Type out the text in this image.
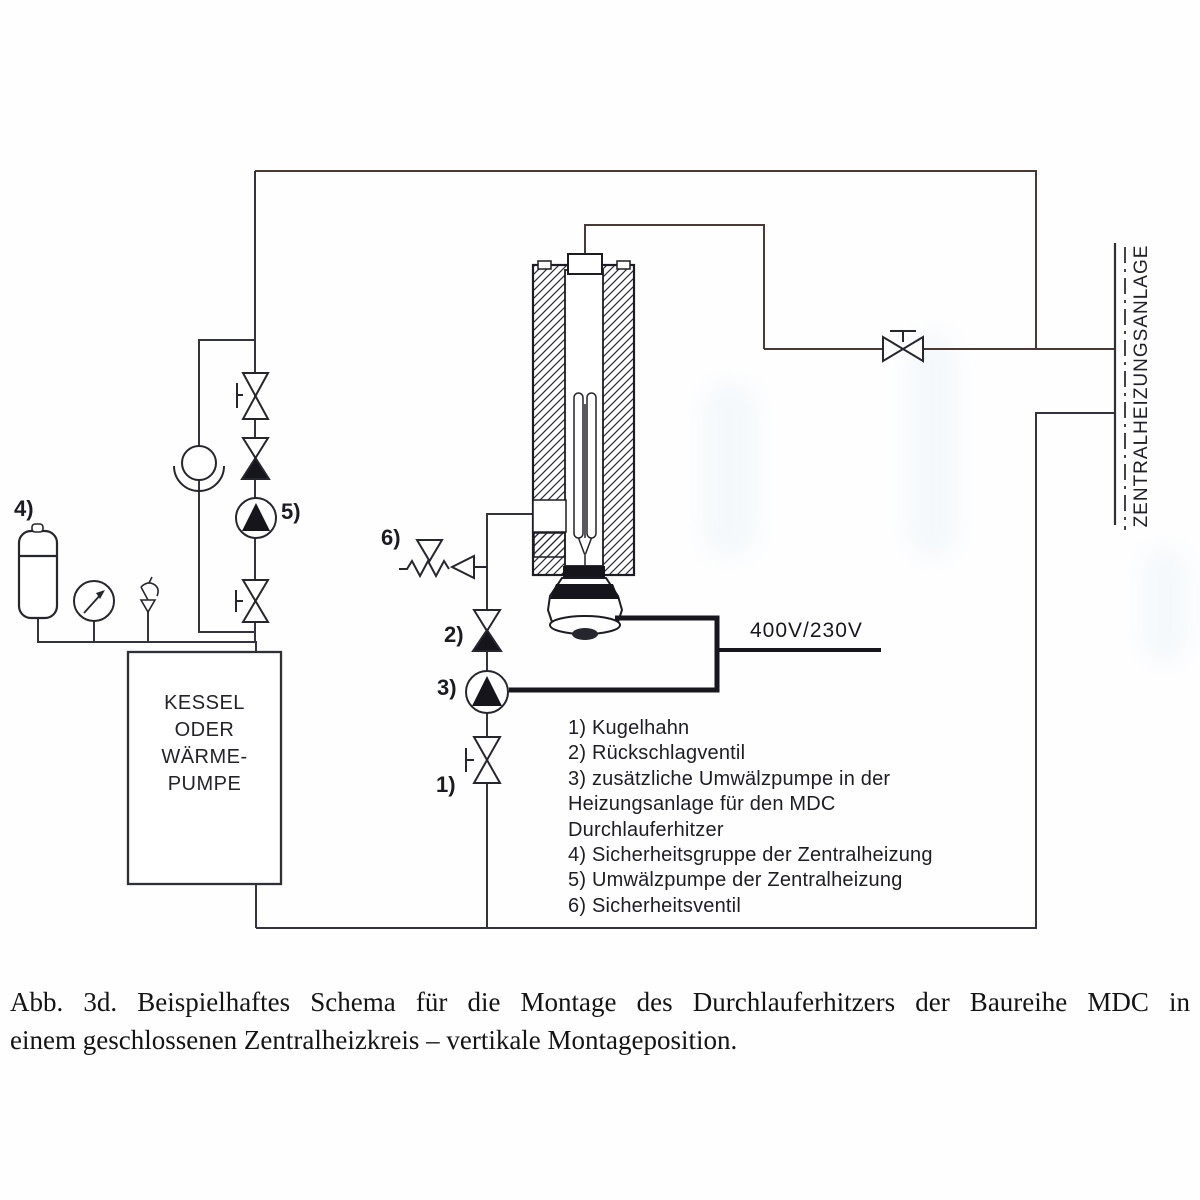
4)	5)
6)
2)
3)
1)
400V/230V
KESSEL
ODER
WÄRME-
PUMPE
1) Kugelhahn
2) Rückschlagventil
3) zusätzliche Umwälzpumpe in der
Heizungsanlage für den MDC
Durchlauferhitzer
4) Sicherheitsgruppe der Zentralheizung
5) Umwälzpumpe der Zentralheizung
6) Sicherheitsventil
ZENTRALHEIZUNGSANLAGE
Abb. 3d. Beispielhaftes Schema für die Montage des Durchlauferhitzers der Baureihe MDC in
einem geschlossenen Zentralheizkreis – vertikale Montageposition.
